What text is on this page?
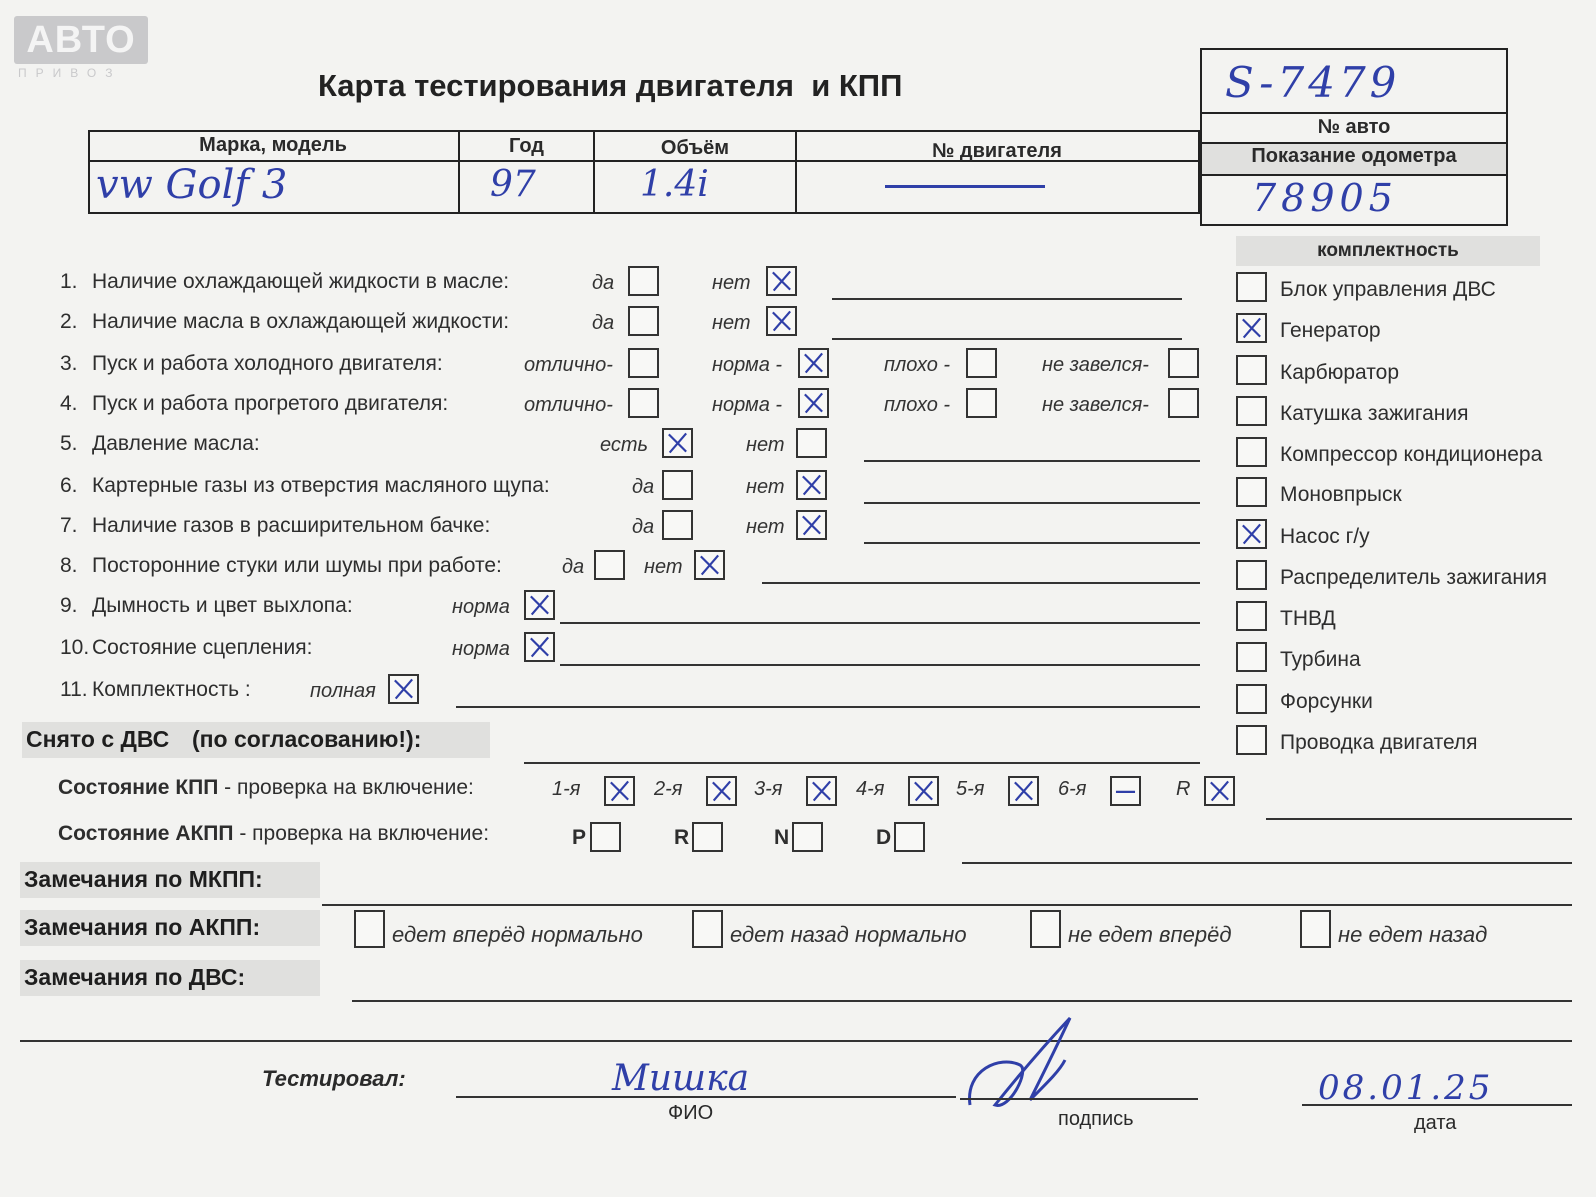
АВТО
ПРИВОЗ	Карта тестирования двигателя  и КПП
Марка, модель	Год	Объём	№ двигателя
vw Golf 3	97	1.4i
S-7479
№ авто
Показание одометра
78905
комплектность
1. Наличие охлаждающей жидкости в масле:	да	нет
2. Наличие масла в охлаждающей жидкости:	да	нет
3. Пуск и работа холодного двигателя:	отлично-	норма -	плохо -	не завелся-
4. Пуск и работа прогретого двигателя:	отлично-	норма -	плохо -	не завелся-
5. Давление масла:	есть	нет
6. Картерные газы из отверстия масляного щупа:	да	нет
7. Наличие газов в расширительном бачке:	да	нет
8. Посторонние стуки или шумы при работе:	да	нет
9. Дымность и цвет выхлопа:	норма
10. Состояние сцепления:	норма
11. Комплектность :	полная
Блок управления ДВС
Генератор
Карбюратор
Катушка зажигания
Компрессор кондиционера
Моновпрыск
Насос г/у
Распределитель зажигания
ТНВД
Турбина
Форсунки
Проводка двигателя
Снято с ДВС (по согласованию!):
Состояние КПП - проверка на включение:	1-я	2-я	3-я	4-я	5-я	6-я	R
Состояние АКПП - проверка на включение:	P	R	N	D
Замечания по МКПП:
Замечания по АКПП:	едет вперёд нормально	едет назад нормально	не едет вперёд	не едет назад
Замечания по ДВС:
Тестировал:	Мишка
ФИО	подпись
08.01.25
дата
